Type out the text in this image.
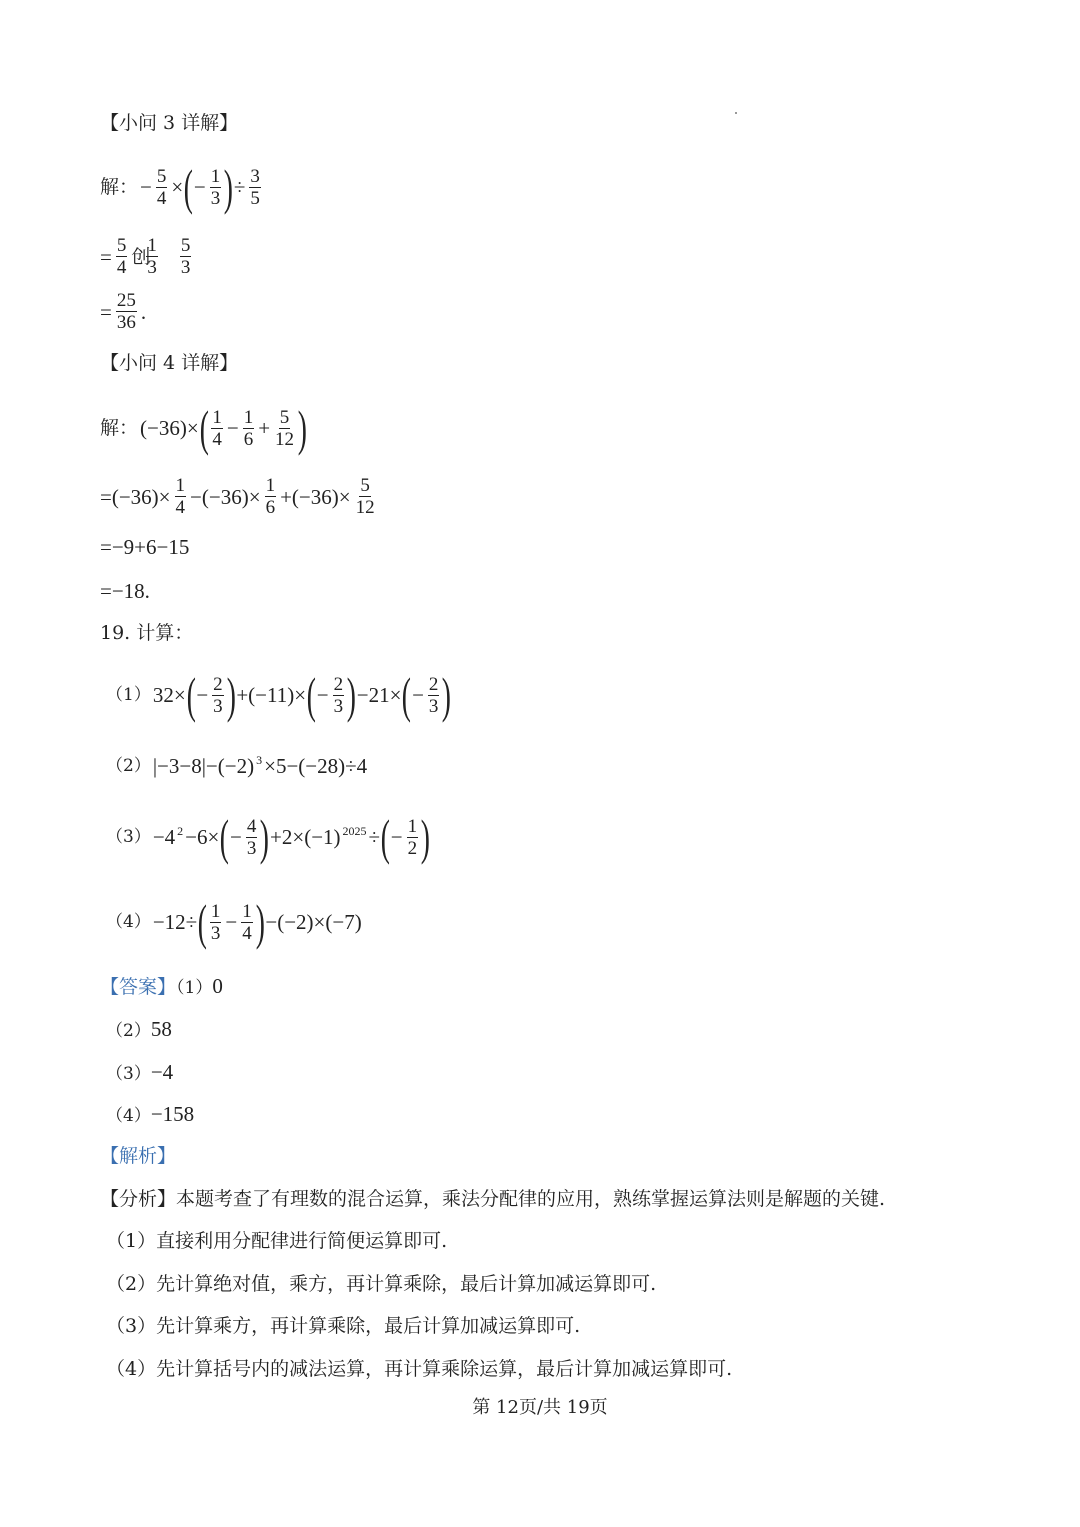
【小问 3 详解】
解： − $\frac{5}{4}$ × ( − $\frac{1}{3}$ ) ÷ $\frac{3}{5}$
= $\frac{5}{4}$ 创
$\frac{1}{3} \frac{5}{3}$
= $\frac{25}{36}$ .
【小问 4 详解】
解： (−36)× ( $\frac{1}{4} - \frac{1}{6} + \frac{5}{12}$ )
$=(-36)\times \frac{1}{4} -(-36)\times \frac{1}{6} +(-36)\times \frac{5}{12}$
=−9+6−15
=−18.
19. 计算：
（1） 32× ( − $\frac{2}{3}$ ) +(−11)× ( − $\frac{2}{3}$ ) −21× ( − $\frac{2}{3}$ )
（2） |−3−8|−(−2) 3 ×5−(−28)÷4
（3） −4 2 −6× ( − $\frac{4}{3}$ ) +2×(−1) 2025 ÷ ( − $\frac{1}{2}$ )
（4） −12÷ ( $\frac{1}{3} - \frac{1}{4}$ ) −(−2)×(−7)
【答案】（1）0
（2）58
（3）−4
（4）−158
【解析】
【分析】本题考查了有理数的混合运算，乘法分配律的应用，熟练掌握运算法则是解题的关键.
（1）直接利用分配律进行简便运算即可.
（2）先计算绝对值，乘方，再计算乘除，最后计算加减运算即可.
（3）先计算乘方，再计算乘除，最后计算加减运算即可.
（4）先计算括号内的减法运算，再计算乘除运算，最后计算加减运算即可.
第 12页/共 19页
